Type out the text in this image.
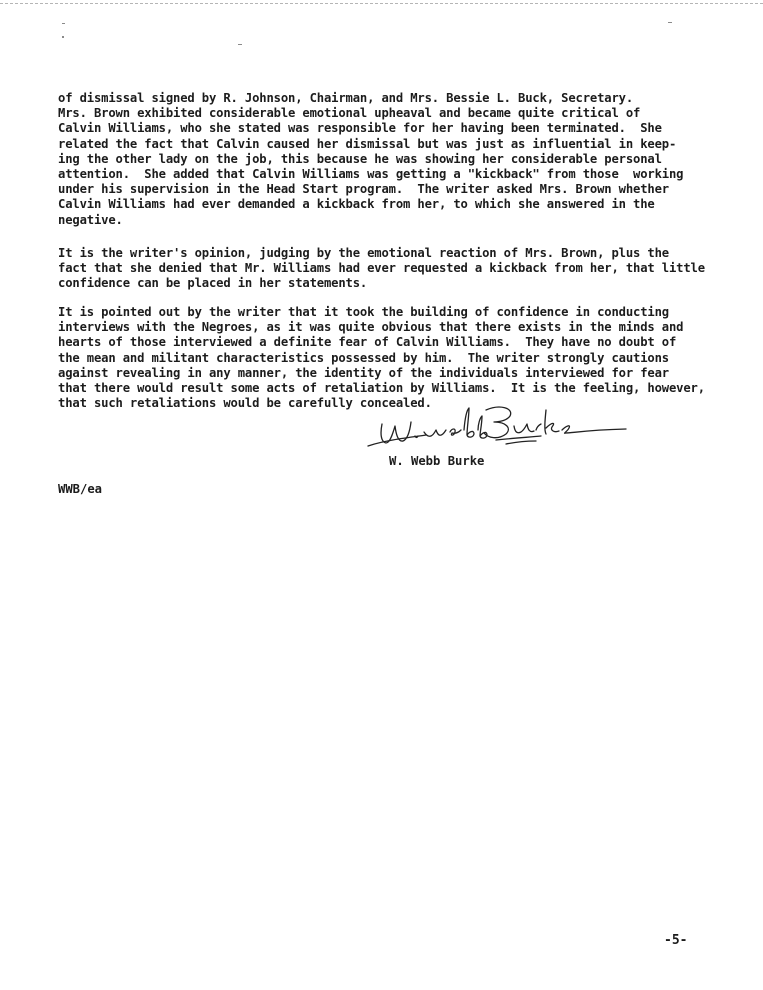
of dismissal signed by R. Johnson, Chairman, and Mrs. Bessie L. Buck, Secretary.
Mrs. Brown exhibited considerable emotional upheaval and became quite critical of
Calvin Williams, who she stated was responsible for her having been terminated.  She
related the fact that Calvin caused her dismissal but was just as influential in keep-
ing the other lady on the job, this because he was showing her considerable personal
attention.  She added that Calvin Williams was getting a "kickback" from those  working
under his supervision in the Head Start program.  The writer asked Mrs. Brown whether
Calvin Williams had ever demanded a kickback from her, to which she answered in the
negative.

It is the writer's opinion, judging by the emotional reaction of Mrs. Brown, plus the
fact that she denied that Mr. Williams had ever requested a kickback from her, that little
confidence can be placed in her statements.

It is pointed out by the writer that it took the building of confidence in conducting
interviews with the Negroes, as it was quite obvious that there exists in the minds and
hearts of those interviewed a definite fear of Calvin Williams.  They have no doubt of
the mean and militant characteristics possessed by him.  The writer strongly cautions
against revealing in any manner, the identity of the individuals interviewed for fear
that there would result some acts of retaliation by Williams.  It is the feeling, however,
that such retaliations would be carefully concealed.

W. Webb Burke
WWB/ea
-5-
